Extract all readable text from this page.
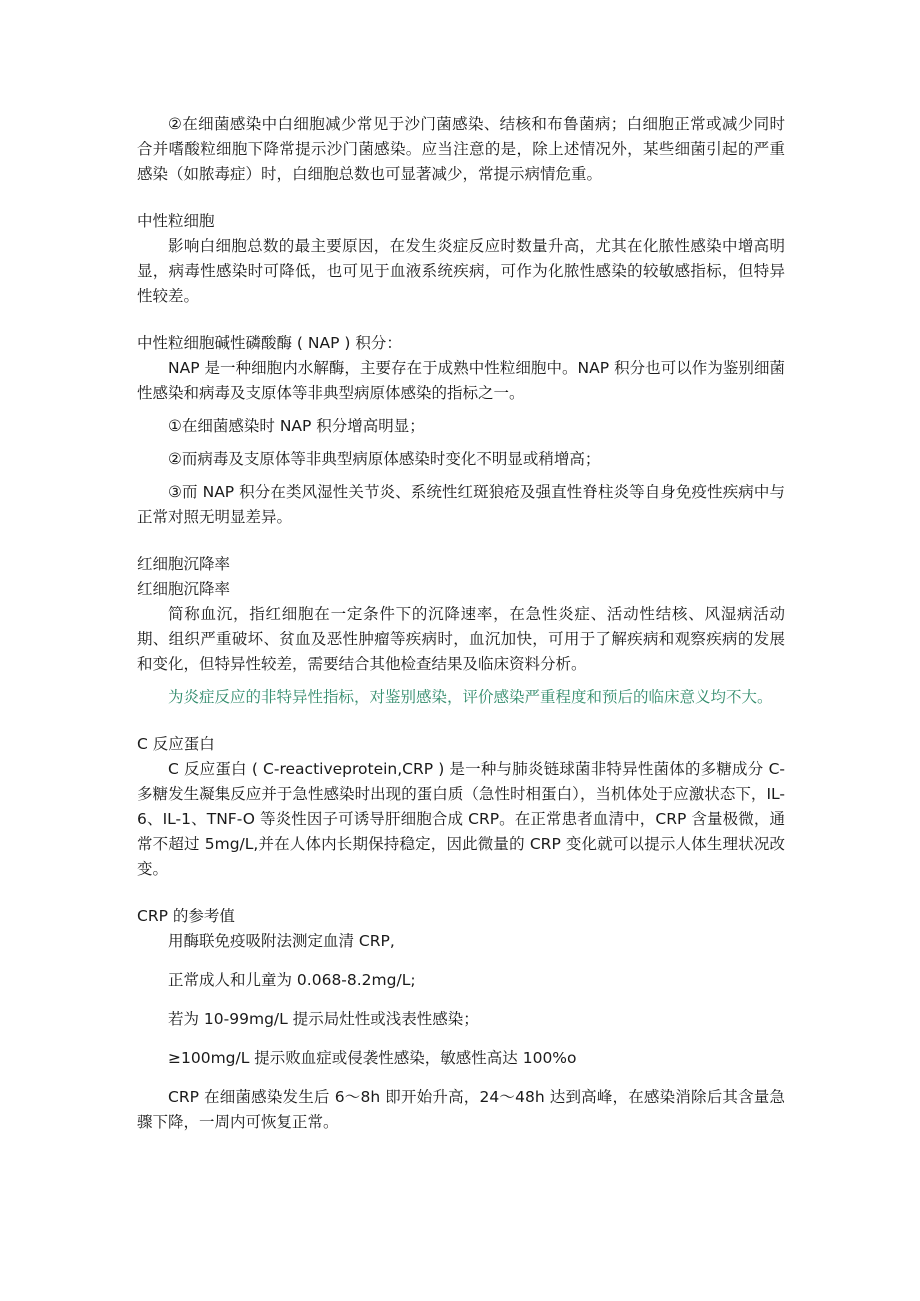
②在细菌感染中白细胞减少常见于沙门菌感染、结核和布鲁菌病；白细胞正常或减少同时合并嗜酸粒细胞下降常提示沙门菌感染。应当注意的是，除上述情况外，某些细菌引起的严重感染（如脓毒症）时，白细胞总数也可显著减少，常提示病情危重。

中性粒细胞

影响白细胞总数的最主要原因，在发生炎症反应时数量升高，尤其在化脓性感染中增高明显，病毒性感染时可降低，也可见于血液系统疾病，可作为化脓性感染的较敏感指标，但特异性较差。

中性粒细胞碱性磷酸酶 ( NAP ) 积分：

NAP 是一种细胞内水解酶，主要存在于成熟中性粒细胞中。NAP 积分也可以作为鉴别细菌性感染和病毒及支原体等非典型病原体感染的指标之一。

①在细菌感染时 NAP 积分增高明显；

②而病毒及支原体等非典型病原体感染时变化不明显或稍增高；

③而 NAP 积分在类风湿性关节炎、系统性红斑狼疮及强直性脊柱炎等自身免疫性疾病中与正常对照无明显差异。

红细胞沉降率

红细胞沉降率

简称血沉，指红细胞在一定条件下的沉降速率，在急性炎症、活动性结核、风湿病活动期、组织严重破坏、贫血及恶性肿瘤等疾病时，血沉加快，可用于了解疾病和观察疾病的发展和变化，但特异性较差，需要结合其他检查结果及临床资料分析。

为炎症反应的非特异性指标，对鉴别感染，评价感染严重程度和预后的临床意义均不大。

C 反应蛋白

C 反应蛋白 ( C-reactiveprotein,CRP ) 是一种与肺炎链球菌非特异性菌体的多糖成分 C-多糖发生凝集反应并于急性感染时出现的蛋白质（急性时相蛋白），当机体处于应激状态下，IL-6、IL-1、TNF-O 等炎性因子可诱导肝细胞合成 CRP。在正常患者血清中，CRP 含量极微，通常不超过 5mg/L,并在人体内长期保持稳定，因此微量的 CRP 变化就可以提示人体生理状况改变。

CRP 的参考值

用酶联免疫吸附法测定血清 CRP,

正常成人和儿童为 0.068-8.2mg/L;

若为 10-99mg/L 提示局灶性或浅表性感染；

≥100mg/L 提示败血症或侵袭性感染，敏感性高达 100%o

CRP 在细菌感染发生后 6～8h 即开始升高，24～48h 达到高峰，在感染消除后其含量急骤下降，一周内可恢复正常。
